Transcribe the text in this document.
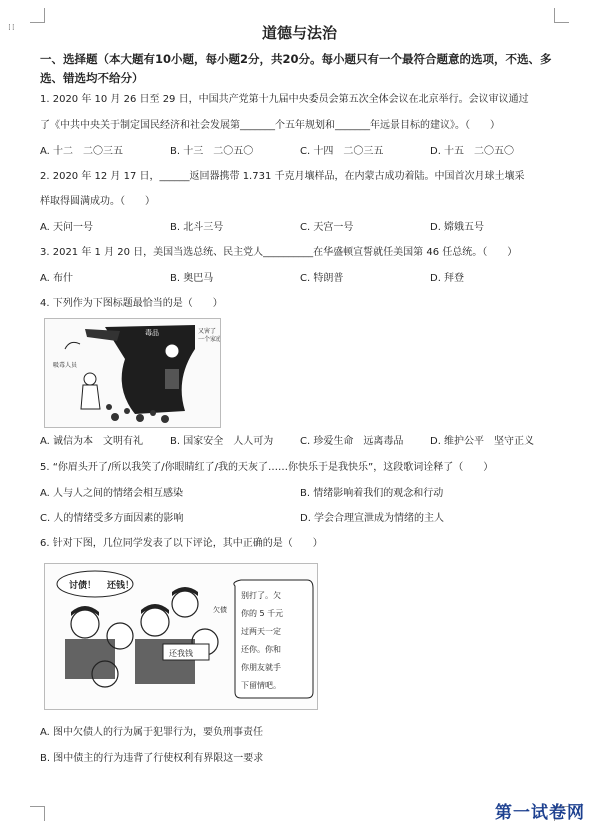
⁞⁞	道德与法治
一、选择题（本大题有10小题，每小题2分，共20分。每小题只有一个最符合题意的选项，不选、多选、错选均不给分）
1. 2020 年 10 月 26 日至 29 日，中国共产党第十九届中央委员会第五次全体会议在北京举行。会议审议通过
了《中共中央关于制定国民经济和社会发展第_______个五年规划和_______年远景目标的建议》。（　　）
A. 十二　二〇三五	B. 十三　二〇五〇	C. 十四　二〇三五	D. 十五　二〇五〇
2. 2020 年 12 月 17 日，______返回器携带 1.731 千克月壤样品，在内蒙古成功着陆。中国首次月球土壤采
样取得圆满成功。（　　）
A. 天问一号	B. 北斗三号	C. 天宫一号	D. 嫦娥五号
3. 2021 年 1 月 20 日，美国当选总统、民主党人__________在华盛顿宣誓就任美国第 46 任总统。（　　）
A. 布什	B. 奥巴马	C. 特朗普	D. 拜登
4. 下列作为下图标题最恰当的是（　　）
毒品	又害了一个家庭
吸毒人员
A. 诚信为本　文明有礼	B. 国家安全　人人可为	C. 珍爱生命　远离毒品	D. 维护公平　坚守正义
5. “你眉头开了/所以我笑了/你眼睛红了/我的天灰了……你快乐于是我快乐”，这段歌词诠释了（　　）
A. 人与人之间的情绪会相互感染	B. 情绪影响着我们的观念和行动
C. 人的情绪受多方面因素的影响	D. 学会合理宣泄成为情绪的主人
6. 针对下图，几位同学发表了以下评论，其中正确的是（　　）
讨债！ 还钱！
还我钱
欠债
别打了。欠
你的 5 千元
过两天一定
还你。你和
你朋友就手
下留情吧。
A. 图中欠债人的行为属于犯罪行为，要负刑事责任
B. 图中债主的行为违背了行使权利有界限这一要求
第一试卷网
